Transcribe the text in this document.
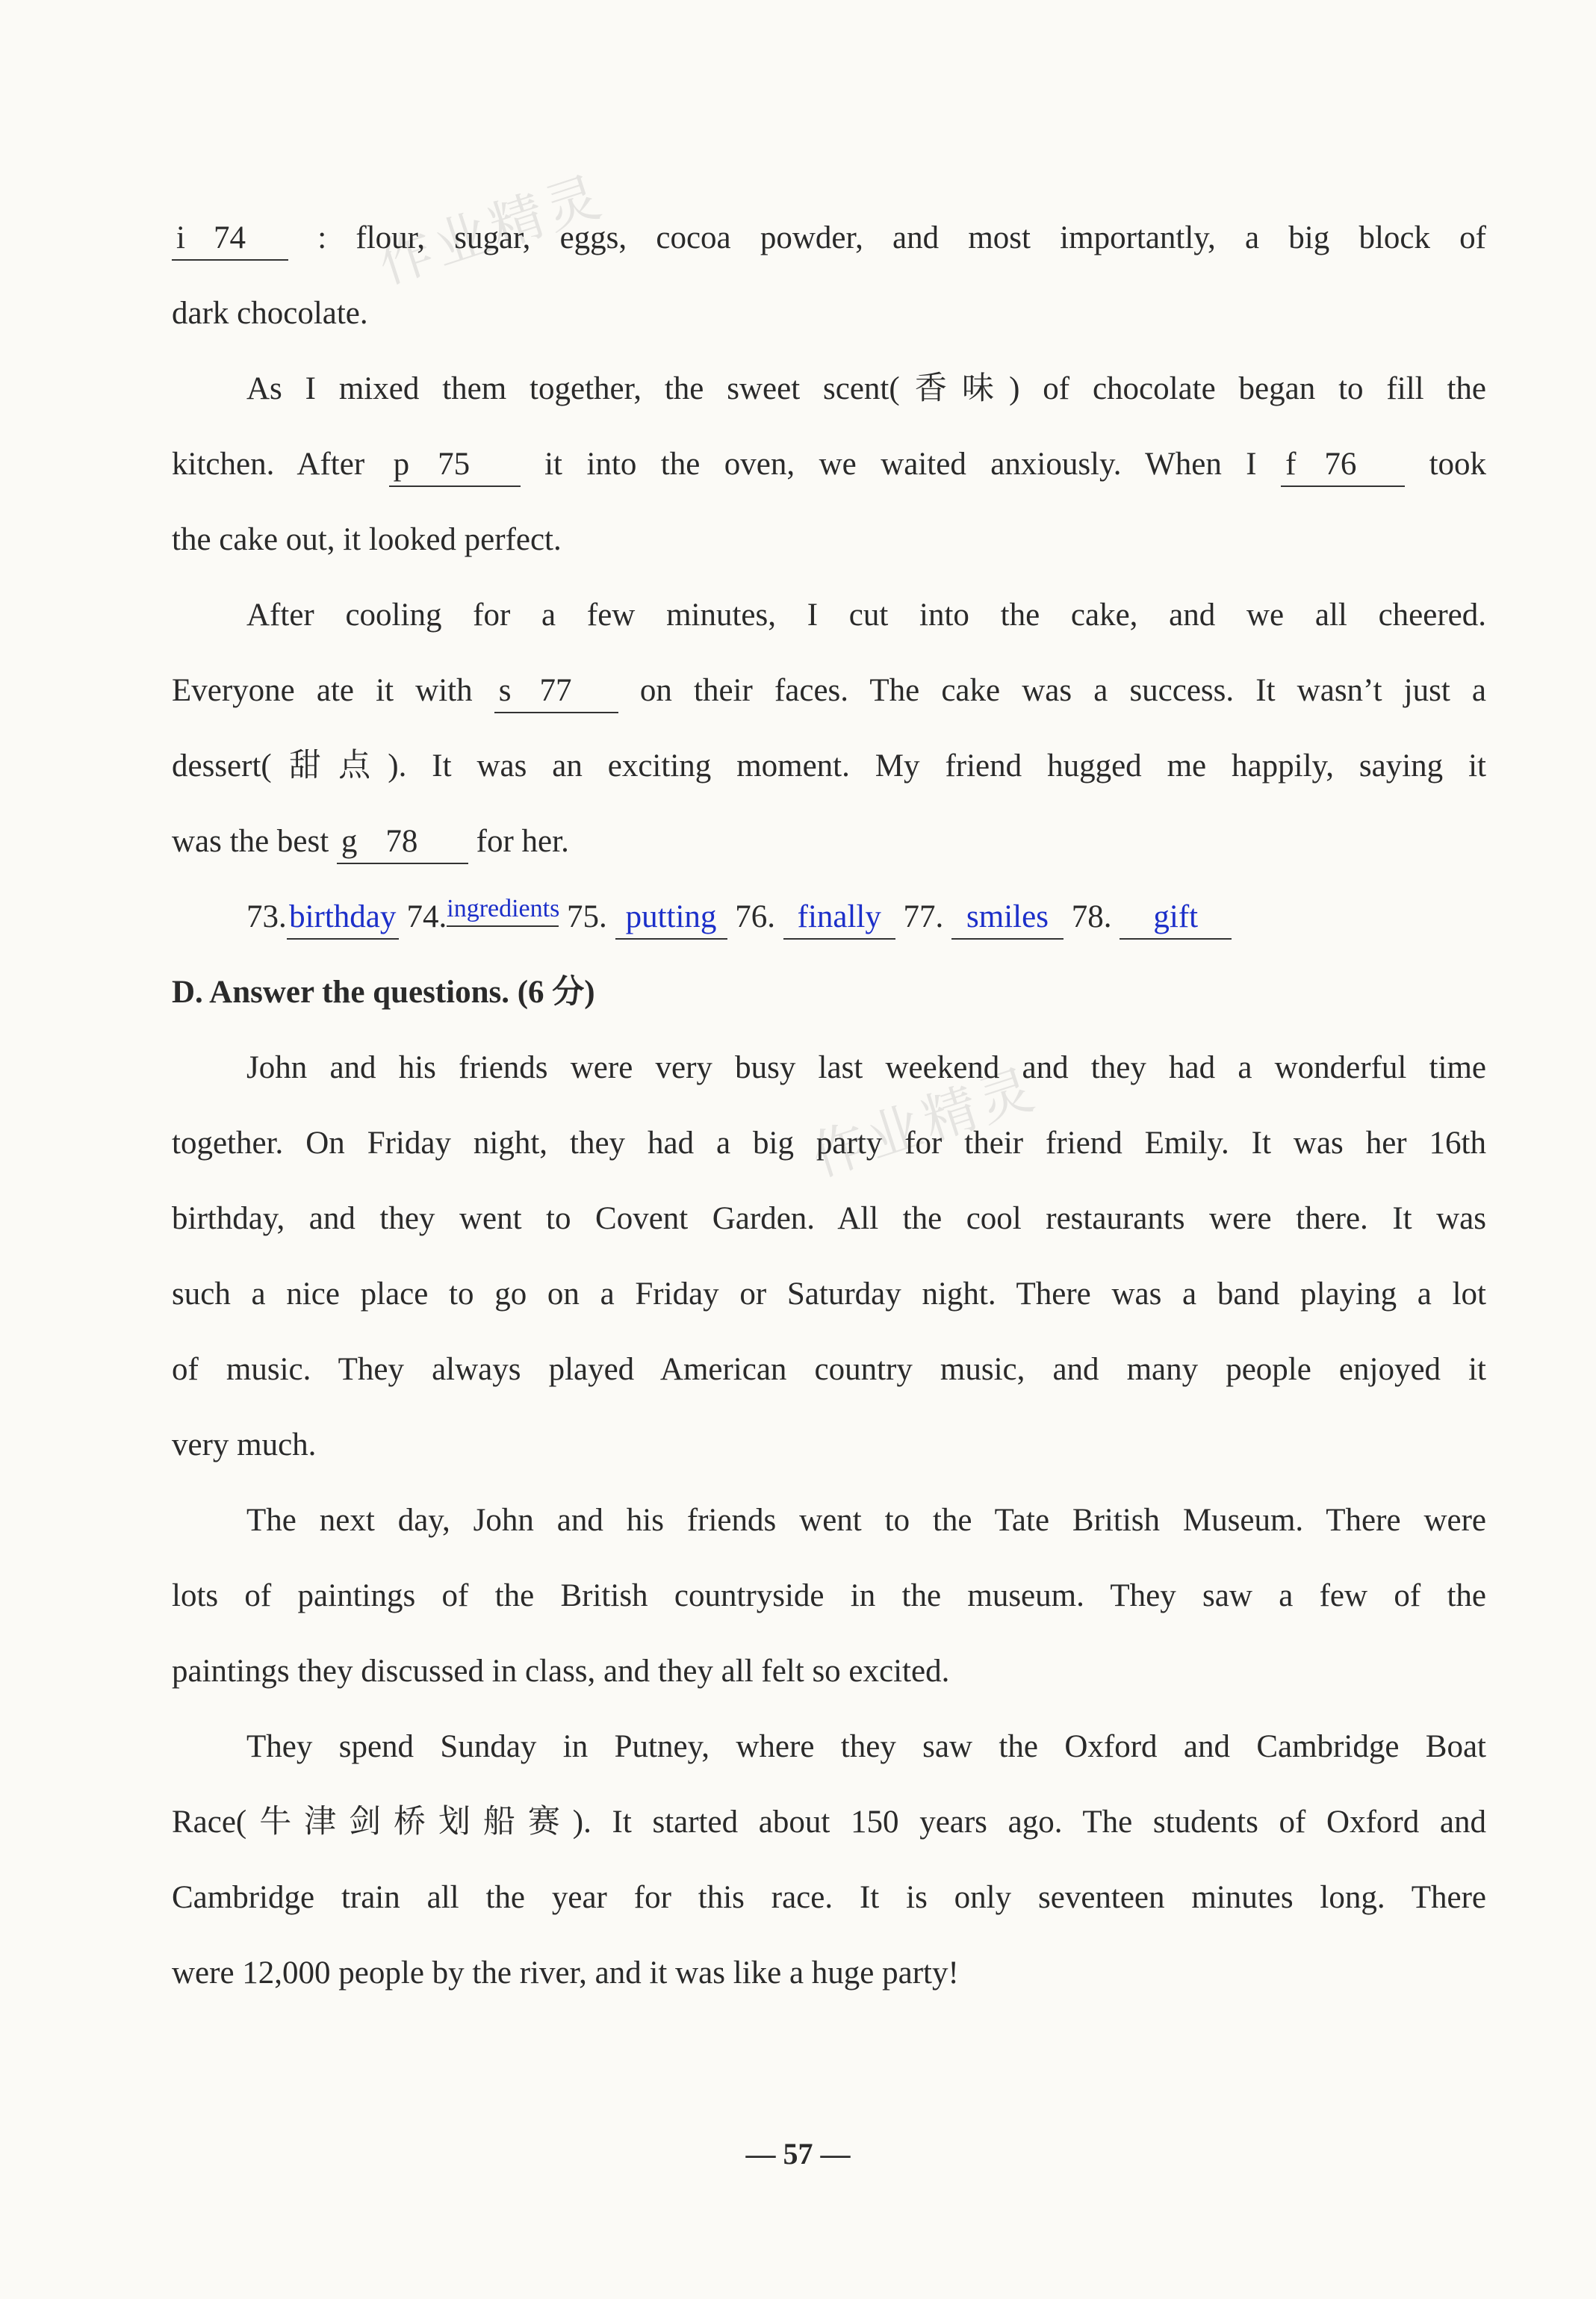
作业精灵
作业精灵
i 74 : flour, sugar, eggs, cocoa powder, and most importantly, a big block of
dark chocolate.
As I mixed them together, the sweet scent(香味) of chocolate began to fill the
kitchen. After p 75 it into the oven, we waited anxiously. When I f 76 took
the cake out, it looked perfect.
After cooling for a few minutes, I cut into the cake, and we all cheered.
Everyone ate it with s 77 on their faces. The cake was a success. It wasn’t just a
dessert(甜点). It was an exciting moment. My friend hugged me happily, saying it
was the best g 78 for her.
73.birthday 74.ingredients 75. putting 76. finally 77. smiles 78. gift
D. Answer the questions. (6 分)
John and his friends were very busy last weekend and they had a wonderful time
together. On Friday night, they had a big party for their friend Emily. It was her 16th
birthday, and they went to Covent Garden. All the cool restaurants were there. It was
such a nice place to go on a Friday or Saturday night. There was a band playing a lot
of music. They always played American country music, and many people enjoyed it
very much.
The next day, John and his friends went to the Tate British Museum. There were
lots of paintings of the British countryside in the museum. They saw a few of the
paintings they discussed in class, and they all felt so excited.
They spend Sunday in Putney, where they saw the Oxford and Cambridge Boat
Race(牛津剑桥划船赛). It started about 150 years ago. The students of Oxford and
Cambridge train all the year for this race. It is only seventeen minutes long. There
were 12,000 people by the river, and it was like a huge party!
— 57 —
